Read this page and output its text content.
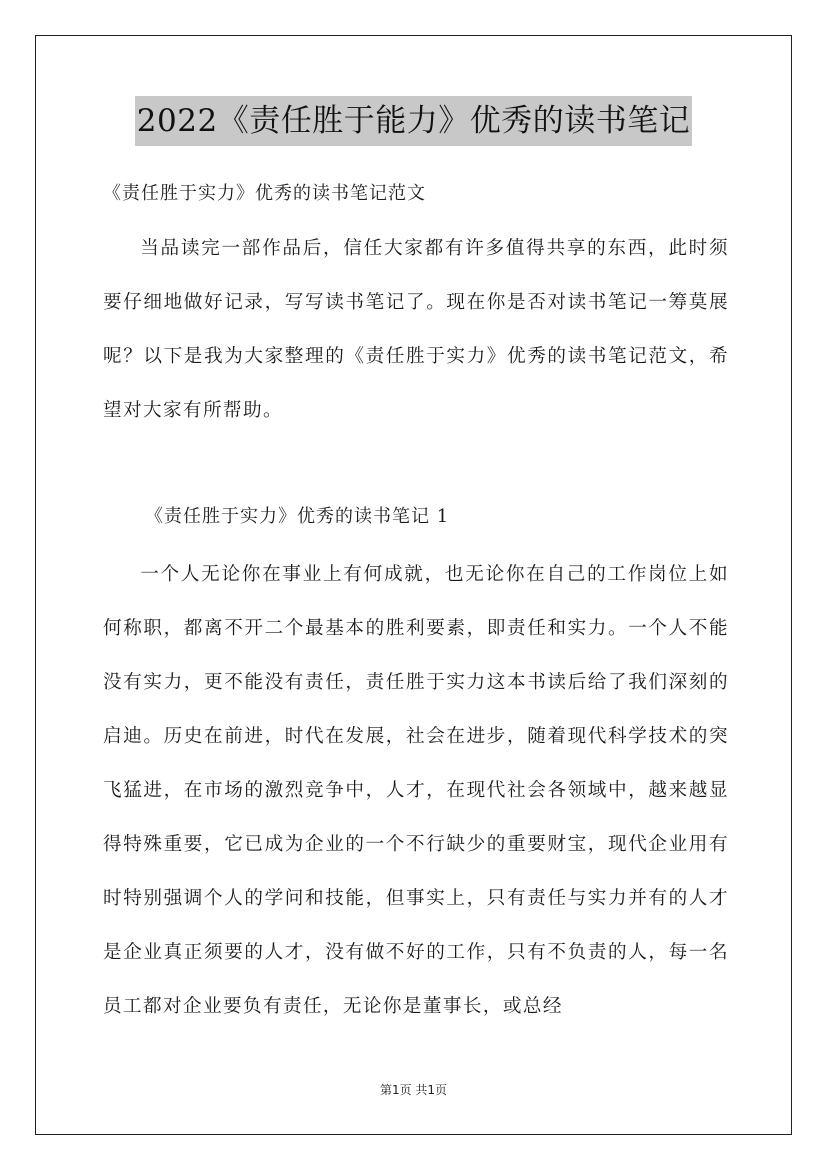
2022《责任胜于能力》优秀的读书笔记

《责任胜于实力》优秀的读书笔记范文

当品读完一部作品后，信任大家都有许多值得共享的东西，此时须要仔细地做好记录，写写读书笔记了。现在你是否对读书笔记一筹莫展呢？以下是我为大家整理的《责任胜于实力》优秀的读书笔记范文，希望对大家有所帮助。

《责任胜于实力》优秀的读书笔记 1

一个人无论你在事业上有何成就，也无论你在自己的工作岗位上如何称职，都离不开二个最基本的胜利要素，即责任和实力。一个人不能没有实力，更不能没有责任，责任胜于实力这本书读后给了我们深刻的启迪。历史在前进，时代在发展，社会在进步，随着现代科学技术的突飞猛进，在市场的激烈竞争中，人才，在现代社会各领域中，越来越显得特殊重要，它已成为企业的一个不行缺少的重要财宝，现代企业用有时特别强调个人的学问和技能，但事实上，只有责任与实力并有的人才是企业真正须要的人才，没有做不好的工作，只有不负责的人，每一名员工都对企业要负有责任，无论你是董事长，或总经

第1页 共1页
